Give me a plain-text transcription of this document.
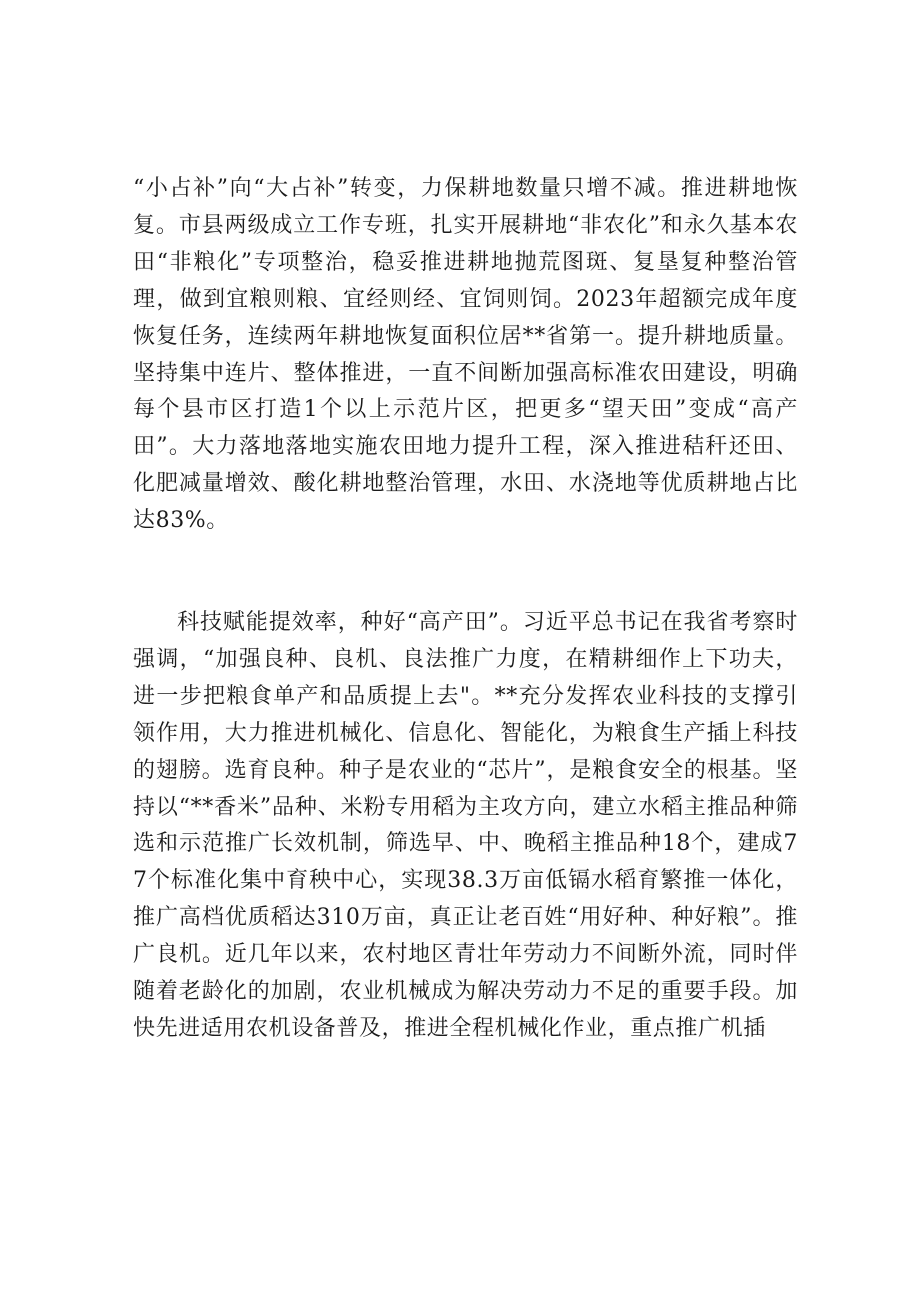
“小占补”向“大占补”转变，力保耕地数量只增不减。推进耕地恢复。市县两级成立工作专班，扎实开展耕地“非农化”和永久基本农田“非粮化”专项整治，稳妥推进耕地抛荒图斑、复垦复种整治管理，做到宜粮则粮、宜经则经、宜饲则饲。2023年超额完成年度恢复任务，连续两年耕地恢复面积位居**省第一。提升耕地质量。坚持集中连片、整体推进，一直不间断加强高标准农田建设，明确每个县市区打造1个以上示范片区，把更多“望天田”变成“高产田”。大力落地落地实施农田地力提升工程，深入推进秸秆还田、化肥减量增效、酸化耕地整治管理，水田、水浇地等优质耕地占比达83%。

科技赋能提效率，种好“高产田”。习近平总书记在我省考察时强调，“加强良种、良机、良法推广力度，在精耕细作上下功夫，进一步把粮食单产和品质提上去"。**充分发挥农业科技的支撑引领作用，大力推进机械化、信息化、智能化，为粮食生产插上科技的翅膀。选育良种。种子是农业的“芯片”，是粮食安全的根基。坚持以“**香米”品种、米粉专用稻为主攻方向，建立水稻主推品种筛选和示范推广长效机制，筛选早、中、晚稻主推品种18个，建成77个标准化集中育秧中心，实现38.3万亩低镉水稻育繁推一体化，推广高档优质稻达310万亩，真正让老百姓“用好种、种好粮”。推广良机。近几年以来，农村地区青壮年劳动力不间断外流，同时伴随着老龄化的加剧，农业机械成为解决劳动力不足的重要手段。加快先进适用农机设备普及，推进全程机械化作业，重点推广机插
